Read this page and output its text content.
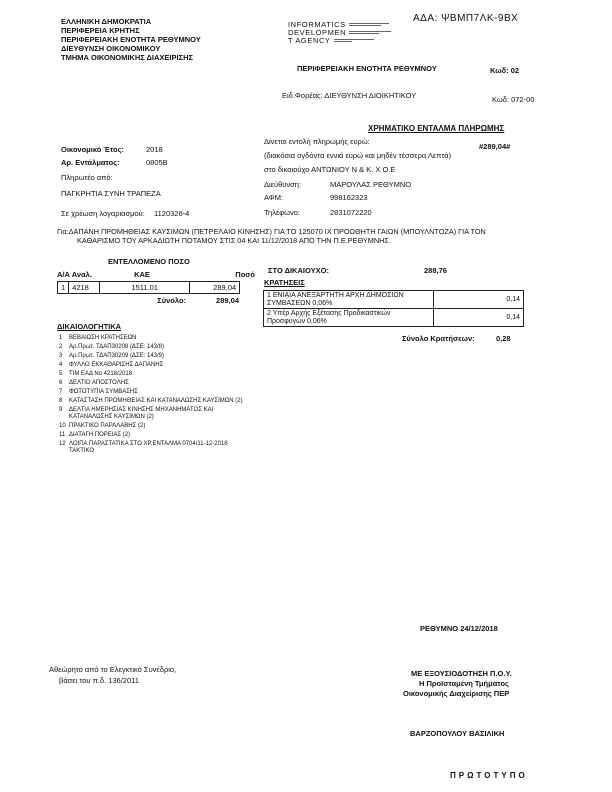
ΕΛΛΗΝΙΚΗ ΔΗΜΟΚΡΑΤΙΑ
ΠΕΡΙΦΕΡΕΙΑ ΚΡΗΤΗΣ
ΠΕΡΙΦΕΡΕΙΑΚΗ ΕΝΟΤΗΤΑ ΡΕΘΥΜΝΟΥ
ΔΙΕΥΘΥΝΣΗ ΟΙΚΟΝΟΜΙΚΟΥ
ΤΜΗΜΑ ΟΙΚΟΝΟΜΙΚΗΣ ΔΙΑΧΕΙΡΙΣΗΣ
INFORMATICS
DEVELOPMEN
T AGENCY
ΑΔΑ: ΨΒΜΠ7ΛΚ-9ΒΧ
ΠΕΡΙΦΕΡΕΙΑΚΗ ΕΝΟΤΗΤΑ ΡΕΘΥΜΝΟΥ	Κωδ: 02
Ειδ.Φορέας: ΔΙΕΥΘΥΝΣΗ ΔΙΟΙΚΗΤΙΚΟΥ	Κωδ: 072-00
ΧΡΗΜΑΤΙΚΟ ΕΝΤΑΛΜΑ ΠΛΗΡΩΜΗΣ
Οικονομικό Έτος:	2018
Αρ. Εντάλματος:	0805Β
Πληρωτέο από:
ΠΑΓΚΡΗΤΙΑ ΣΥΝΗ ΤΡΑΠΕΖΑ
Σε χρέωση λογαριασμού: 1120326-4
Δίνεται εντολή πληρωμής ευρώ:
#289,04#
(διακόσια ογδόντα εννιά ευρώ και μηδέν τέσσερα Λεπτά)
στο δικαιούχο ΑΝΤΩΝΙΟΥ Ν & Κ. Χ Ο.Ε
Διεύθυνση:	ΜΑΡΟΥΛΑΣ ΡΕΘΥΜΝΟ
ΑΦΜ:	998162323
Τηλέφωνο:	2831072220
Για:ΔΑΠΑΝΗ ΠΡΟΜΗΘΕΙΑΣ ΚΑΥΣΙΜΩΝ (ΠΕΤΡΕΛΑΙΟ ΚΙΝΗΣΗΣ) ΓΙΑ ΤΟ 125070 ΙΧ ΠΡΟΩΘΗΤΗ ΓΑΙΩΝ (ΜΠΟΥΛΝΤΟΖΑ) ΓΙΑ ΤΟΝ
ΚΑΘΑΡΙΣΜΟ ΤΟΥ ΑΡΚΑΔΙΩΤΗ ΠΟΤΑΜΟΥ ΣΤΙΣ 04 ΚΑΙ 11/12/2018 ΑΠΟ ΤΗΝ Π.Ε.ΡΕΘΥΜΝΗΣ.
ΕΝΤΕΛΛΟΜΕΝΟ ΠΟΣΟ
Α/Α Αναλ.	ΚΑΕ	Ποσό
1	4218	1511.01	289,04
Σύνολο:	289,04
ΣΤΟ ΔΙΚΑΙΟΥΧΟ:	288,76
ΚΡΑΤΗΣΕΙΣ
1 ΕΝΙΑΙΑ ΑΝΕΞΑΡΤΗΤΗ ΑΡΧΗ ΔΗΜΟΣΙΩΝ ΣΥΜΒΑΣΕΩΝ 0,06%	0,14
2 Υπέρ Αρχής Εξέτασης Προδικαστικών Προσφυγών 0,06%	0,14
Σύνολο Κρατήσεων:	0,28
ΔΙΚΑΙΟΛΟΓΗΤΙΚΑ
1	ΒΕΒΑΙΩΣΗ ΚΡΑΤΗΣΕΩΝ
2	Αρ.Πρωτ. ΤΔΑΠ30208 (ΔΣΕ: 143/8)
3	Αρ.Πρωτ. ΤΔΑΠ30209 (ΔΣΕ: 143/9)
4	ΦΥΛΛΟ ΕΚΚΑΘΑΡΙΣΗΣ ΔΑΠΑΝΗΣ
5	ΤΙΜ ΕΑΔ Νο 4218/2018
6	ΔΕΛΤΙΟ ΑΠΟΣΤΟΛΗΣ
7	ΦΩΤΟΤΥΠΙΑ ΣΥΜΒΑΣΗΣ
8	ΚΑΤΑΣΤΑΣΗ ΠΡΟΜΗΘΕΙΑΣ ΚΑΙ ΚΑΤΑΝΑΛΩΣΗΣ ΚΑΥΣΙΜΩΝ (2)
9	ΔΕΛΤΙΑ ΗΜΕΡΗΣΙΑΣ ΚΙΝΗΣΗΣ ΜΗΧΑΝΗΜΑΤΟΣ ΚΑΙ ΚΑΤΑΝΑΛΩΣΗΣ ΚΑΥΣΙΜΩΝ (2)
10 ΠΡΑΚΤΙΚΟ ΠΑΡΑΛΑΒΗΣ (2)
11 ΔΙΑΤΑΓΗ ΠΟΡΕΙΑΣ (2)
12 ΛΟΙΠΑ ΠΑΡΑΣΤΑΤΙΚΑ ΣΤΟ ΧΡ.ΕΝΤΑΛΜΑ 0704/11-12-2018 ΤΑΚΤΙΚΟ
Αθεώρητο από το Ελεγκτικό Συνέδριο,
βάσει του π.δ. 136/2011
ΡΕΘΥΜΝΟ 24/12/2018
ΜΕ ΕΞΟΥΣΙΟΔΟΤΗΣΗ Π.Ο.Υ.
Η Προϊσταμένη Τμήματος
Οικονομικής Διαχείρισης ΠΕΡ
ΒΑΡΖΟΠΟΥΛΟΥ ΒΑΣΙΛΙΚΗ
ΠΡΩΤΟΤΥΠΟ
